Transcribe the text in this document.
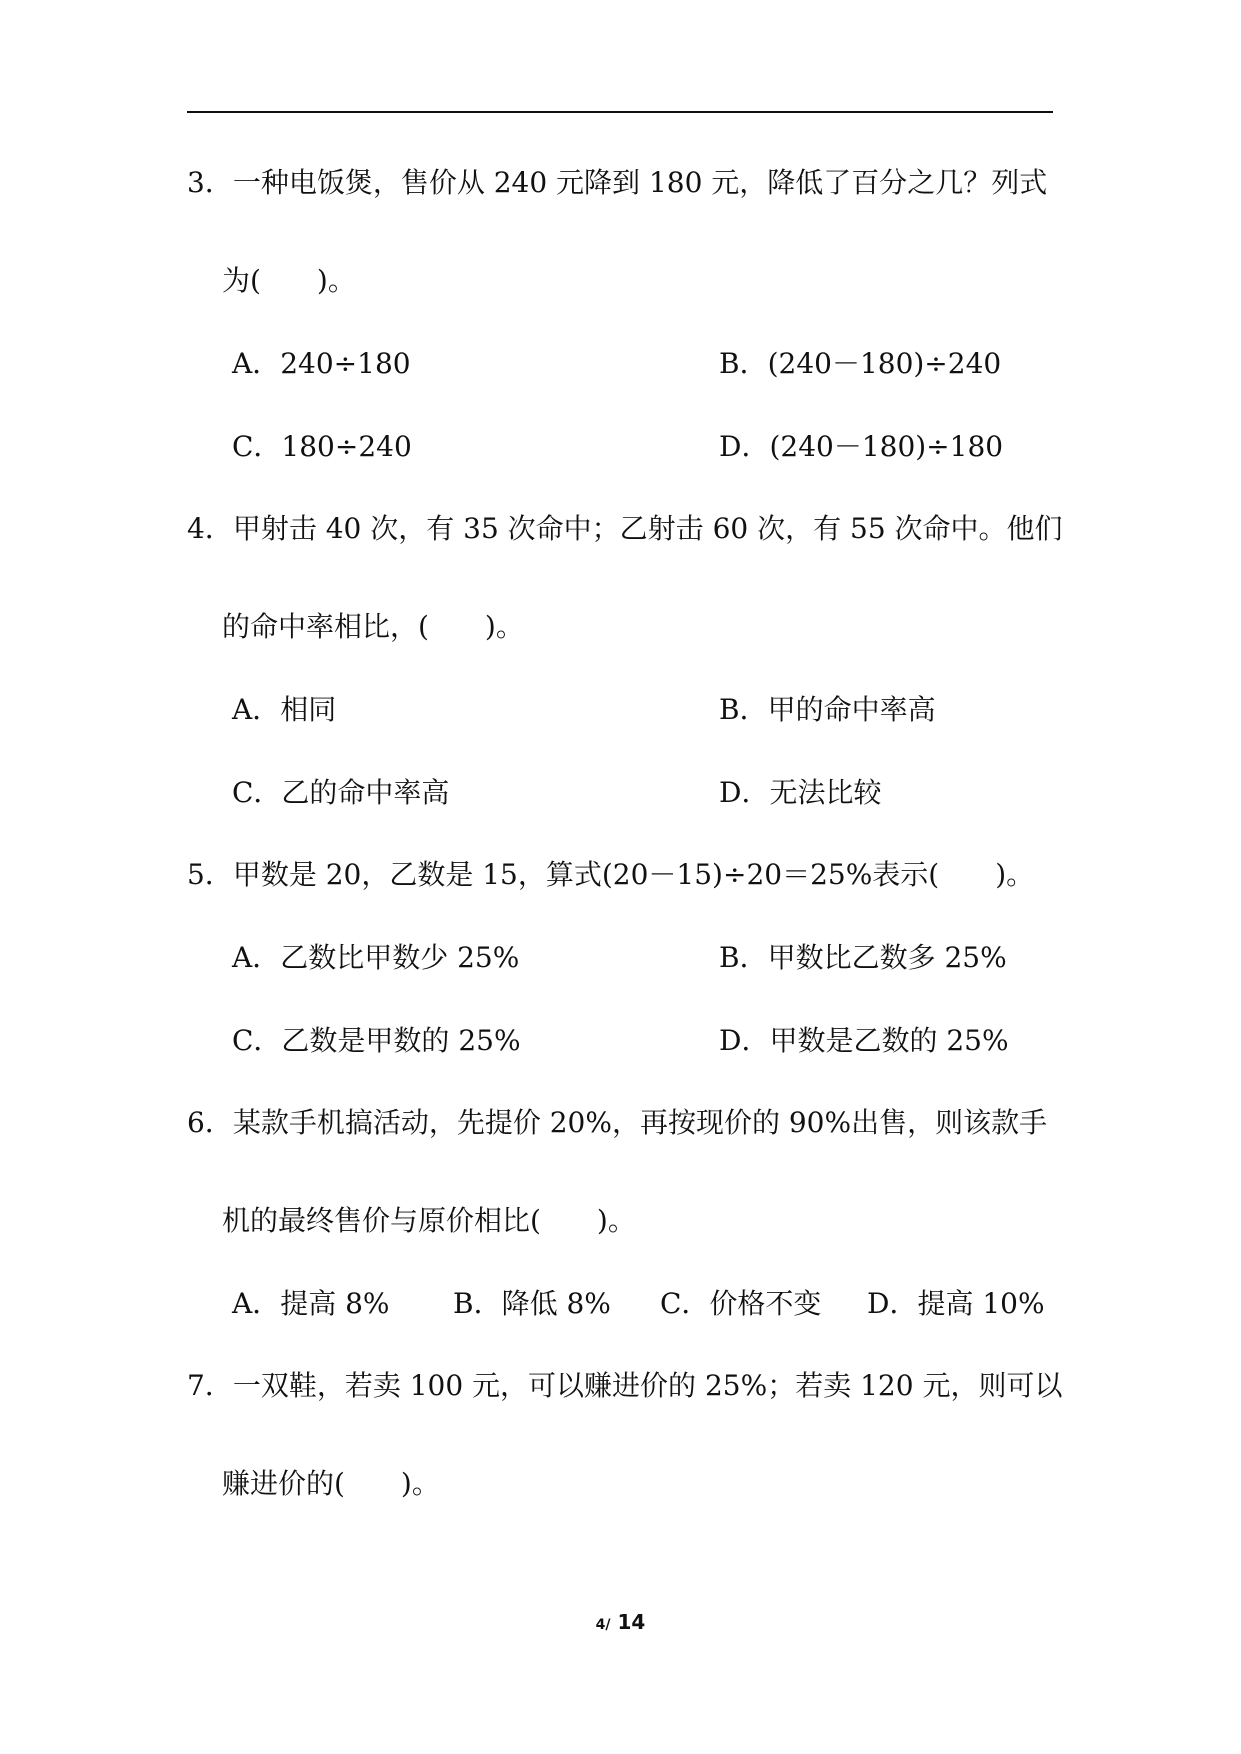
3．一种电饭煲，售价从 240 元降到 180 元，降低了百分之几？列式
为(　　)。
A．240÷180	B．(240－180)÷240
C．180÷240	D．(240－180)÷180
4．甲射击 40 次，有 35 次命中；乙射击 60 次，有 55 次命中。他们
的命中率相比，(　　)。
A．相同	B．甲的命中率高
C．乙的命中率高	D．无法比较
5．甲数是 20，乙数是 15，算式(20－15)÷20＝25%表示(　　)。
A．乙数比甲数少 25%	B．甲数比乙数多 25%
C．乙数是甲数的 25%	D．甲数是乙数的 25%
6．某款手机搞活动，先提价 20%，再按现价的 90%出售，则该款手
机的最终售价与原价相比(　　)。
A．提高 8% B．降低 8% C．价格不变 D．提高 10%
7．一双鞋，若卖 100 元，可以赚进价的 25%；若卖 120 元，则可以
赚进价的(　　)。
4/ 14
